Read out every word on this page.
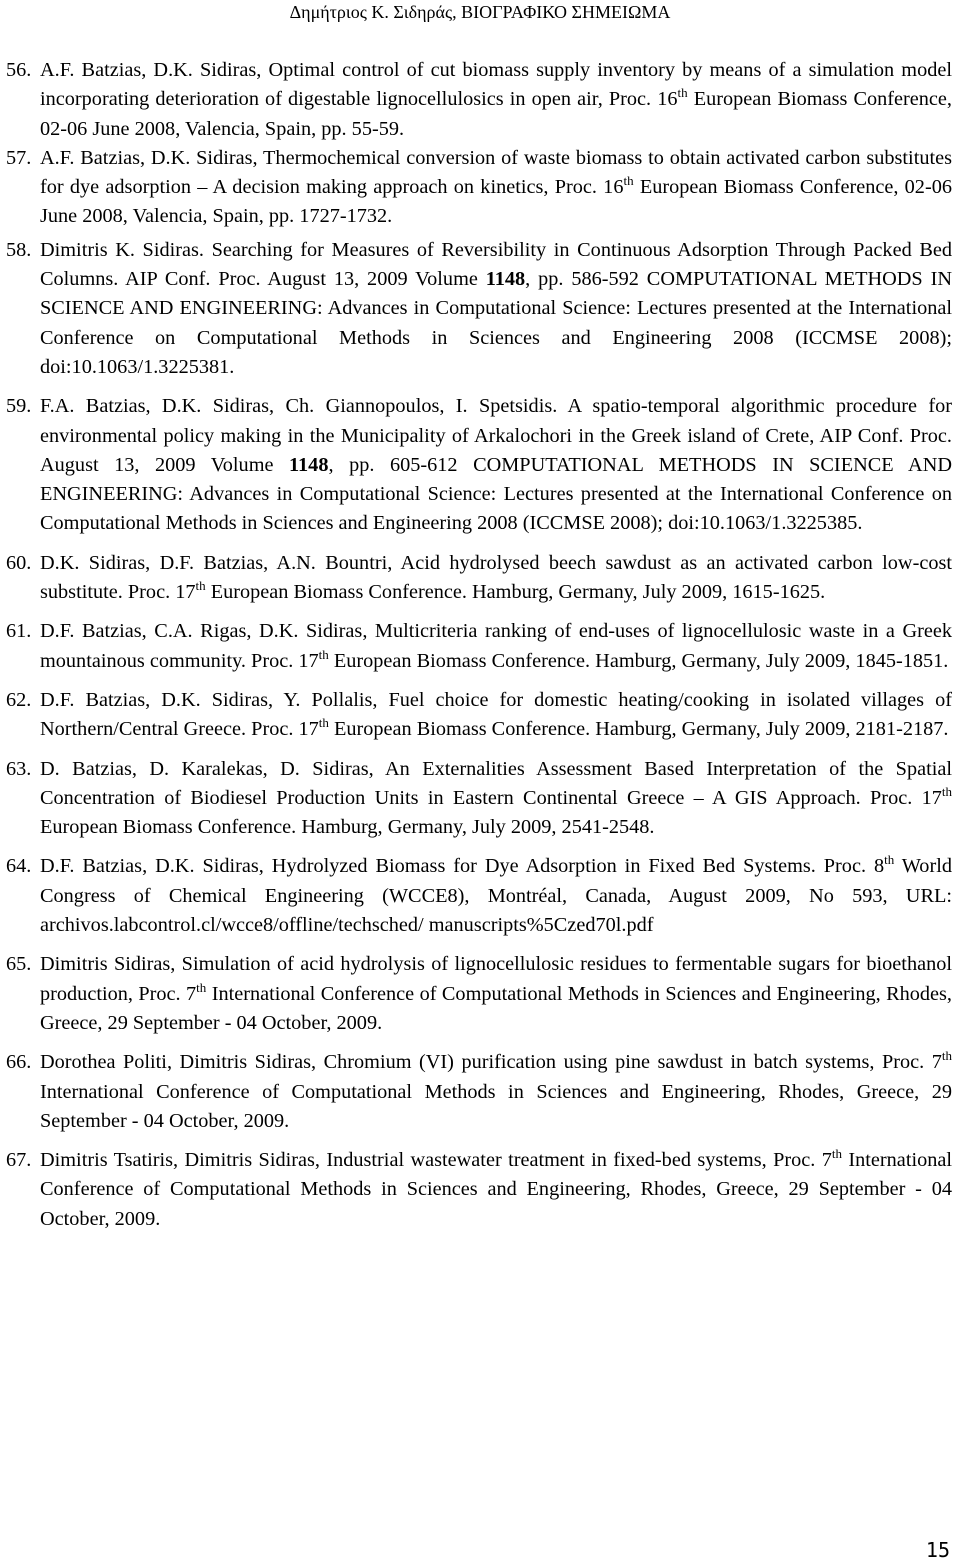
Δημήτριος Κ. Σιδηράς, ΒΙΟΓΡΑΦΙΚΟ ΣΗΜΕΙΩΜΑ
56. A.F. Batzias, D.K. Sidiras, Optimal control of cut biomass supply inventory by means of a simulation model incorporating deterioration of digestable lignocellulosics in open air, Proc. 16th European Biomass Conference, 02-06 June 2008, Valencia, Spain, pp. 55-59.

57. A.F. Batzias, D.K. Sidiras, Thermochemical conversion of waste biomass to obtain activated carbon substitutes for dye adsorption – A decision making approach on kinetics, Proc. 16th European Biomass Conference, 02-06 June 2008, Valencia, Spain, pp. 1727-1732.

58. Dimitris K. Sidiras. Searching for Measures of Reversibility in Continuous Adsorption Through Packed Bed Columns. AIP Conf. Proc. August 13, 2009 Volume 1148, pp. 586-592 COMPUTATIONAL METHODS IN SCIENCE AND ENGINEERING: Advances in Computational Science: Lectures presented at the International Conference on Computational Methods in Sciences and Engineering 2008 (ICCMSE 2008); doi:10.1063/1.3225381.

59. F.A. Batzias, D.K. Sidiras, Ch. Giannopoulos, I. Spetsidis. A spatio-temporal algorithmic procedure for environmental policy making in the Municipality of Arkalochori in the Greek island of Crete, AIP Conf. Proc. August 13, 2009 Volume 1148, pp. 605-612 COMPUTATIONAL METHODS IN SCIENCE AND ENGINEERING: Advances in Computational Science: Lectures presented at the International Conference on Computational Methods in Sciences and Engineering 2008 (ICCMSE 2008); doi:10.1063/1.3225385.

60. D.K. Sidiras, D.F. Batzias, A.N. Bountri, Acid hydrolysed beech sawdust as an activated carbon low-cost substitute. Proc. 17th European Biomass Conference. Hamburg, Germany, July 2009, 1615-1625.

61. D.F. Batzias, C.A. Rigas, D.K. Sidiras, Multicriteria ranking of end-uses of lignocellulosic waste in a Greek mountainous community. Proc. 17th European Biomass Conference. Hamburg, Germany, July 2009, 1845-1851.

62. D.F. Batzias, D.K. Sidiras, Y. Pollalis, Fuel choice for domestic heating/cooking in isolated villages of Northern/Central Greece. Proc. 17th European Biomass Conference. Hamburg, Germany, July 2009, 2181-2187.

63. D. Batzias, D. Karalekas, D. Sidiras, An Externalities Assessment Based Interpretation of the Spatial Concentration of Biodiesel Production Units in Eastern Continental Greece – A GIS Approach. Proc. 17th European Biomass Conference. Hamburg, Germany, July 2009, 2541-2548.

64. D.F. Batzias, D.K. Sidiras, Hydrolyzed Biomass for Dye Adsorption in Fixed Bed Systems. Proc. 8th World Congress of Chemical Engineering (WCCE8), Montréal, Canada, August 2009, No 593, URL: archivos.labcontrol.cl/wcce8/offline/techsched/ manuscripts%5Czed70l.pdf

65. Dimitris Sidiras, Simulation of acid hydrolysis of lignocellulosic residues to fermentable sugars for bioethanol production, Proc. 7th International Conference of Computational Methods in Sciences and Engineering, Rhodes, Greece, 29 September - 04 October, 2009.

66. Dorothea Politi, Dimitris Sidiras, Chromium (VI) purification using pine sawdust in batch systems, Proc. 7th International Conference of Computational Methods in Sciences and Engineering, Rhodes, Greece, 29 September - 04 October, 2009.

67. Dimitris Tsatiris, Dimitris Sidiras, Industrial wastewater treatment in fixed-bed systems, Proc. 7th International Conference of Computational Methods in Sciences and Engineering, Rhodes, Greece, 29 September - 04 October, 2009.

15
